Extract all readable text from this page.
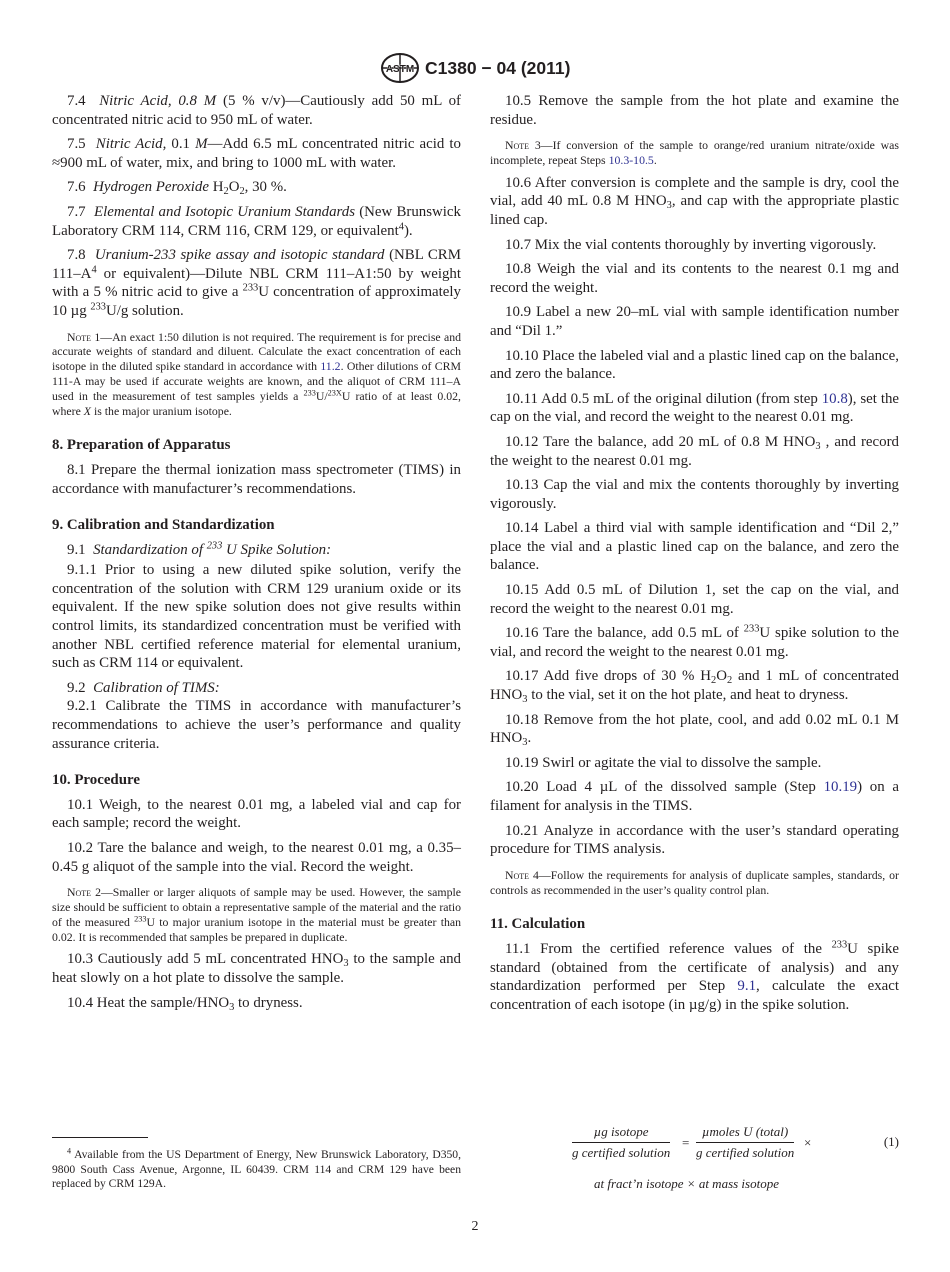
ASTM C1380 − 04 (2011)

7.4 Nitric Acid, 0.8 M (5 % v/v)—Cautiously add 50 mL of concentrated nitric acid to 950 mL of water.

7.5 Nitric Acid, 0.1 M—Add 6.5 mL concentrated nitric acid to ≈900 mL of water, mix, and bring to 1000 mL with water.

7.6 Hydrogen Peroxide $H_2O_2$, 30 %.

7.7 Elemental and Isotopic Uranium Standards (New Brunswick Laboratory CRM 114, CRM 116, CRM 129, or equivalent$^4$).

7.8 Uranium-233 spike assay and isotopic standard (NBL CRM $111-A^4$ or equivalent)—Dilute NBL CRM 111–A1:50 by weight with a 5 % nitric acid to give a $^{233}$U concentration of approximately 10 µg $^{233}$U/g solution.

Note 1—An exact 1:50 dilution is not required. The requirement is for precise and accurate weights of standard and diluent. Calculate the exact concentration of each isotope in the diluted spike standard in accordance with 11.2. Other dilutions of CRM 111-A may be used if accurate weights are known, and the aliquot of CRM 111–A used in the measurement of test samples yields a $^{233}$U/$^{23X}$U ratio of at least 0.02, where X is the major uranium isotope.

8. Preparation of Apparatus

8.1 Prepare the thermal ionization mass spectrometer (TIMS) in accordance with manufacturer’s recommendations.

9. Calibration and Standardization

9.1 Standardization of $^{233}$ U Spike Solution:

9.1.1 Prior to using a new diluted spike solution, verify the concentration of the solution with CRM 129 uranium oxide or its equivalent. If the new spike solution does not give results within control limits, its standardized concentration must be verified with another NBL certified reference material for elemental uranium, such as CRM 114 or equivalent.

9.2 Calibration of TIMS:

9.2.1 Calibrate the TIMS in accordance with manufacturer’s recommendations to achieve the user’s performance and quality assurance criteria.

10. Procedure

10.1 Weigh, to the nearest 0.01 mg, a labeled vial and cap for each sample; record the weight.

10.2 Tare the balance and weigh, to the nearest 0.01 mg, a 0.35–0.45 g aliquot of the sample into the vial. Record the weight.

Note 2—Smaller or larger aliquots of sample may be used. However, the sample size should be sufficient to obtain a representative sample of the material and the ratio of the measured $^{233}$U to major uranium isotope in the material must be greater than 0.02. It is recommended that samples be prepared in duplicate.

10.3 Cautiously add 5 mL concentrated $HNO_3$ to the sample and heat slowly on a hot plate to dissolve the sample.

10.4 Heat the sample/$HNO_3$ to dryness.

$^4$ Available from the US Department of Energy, New Brunswick Laboratory, D350, 9800 South Cass Avenue, Argonne, IL 60439. CRM 114 and CRM 129 have been replaced by CRM 129A.

10.5 Remove the sample from the hot plate and examine the residue.

Note 3—If conversion of the sample to orange/red uranium nitrate/oxide was incomplete, repeat Steps 10.3-10.5.

10.6 After conversion is complete and the sample is dry, cool the vial, add 40 mL 0.8 M $HNO_3$, and cap with the appropriate plastic lined cap.

10.7 Mix the vial contents thoroughly by inverting vigorously.

10.8 Weigh the vial and its contents to the nearest 0.1 mg and record the weight.

10.9 Label a new 20–mL vial with sample identification number and “Dil 1.”

10.10 Place the labeled vial and a plastic lined cap on the balance, and zero the balance.

10.11 Add 0.5 mL of the original dilution (from step 10.8), set the cap on the vial, and record the weight to the nearest 0.01 mg.

10.12 Tare the balance, add 20 mL of 0.8 M $HNO_3$ , and record the weight to the nearest 0.01 mg.

10.13 Cap the vial and mix the contents thoroughly by inverting vigorously.

10.14 Label a third vial with sample identification and “Dil 2,” place the vial and a plastic lined cap on the balance, and zero the balance.

10.15 Add 0.5 mL of Dilution 1, set the cap on the vial, and record the weight to the nearest 0.01 mg.

10.16 Tare the balance, add 0.5 mL of $^{233}$U spike solution to the vial, and record the weight to the nearest 0.01 mg.

10.17 Add five drops of 30 % $H_2O_2$ and 1 mL of concentrated $HNO_3$ to the vial, set it on the hot plate, and heat to dryness.

10.18 Remove from the hot plate, cool, and add 0.02 mL 0.1 M $HNO_3$.

10.19 Swirl or agitate the vial to dissolve the sample.

10.20 Load 4 µL of the dissolved sample (Step 10.19) on a filament for analysis in the TIMS.

10.21 Analyze in accordance with the user’s standard operating procedure for TIMS analysis.

Note 4—Follow the requirements for analysis of duplicate samples, standards, or controls as recommended in the user’s quality control plan.

11. Calculation

11.1 From the certified reference values of the $^{233}$U spike standard (obtained from the certificate of analysis) and any standardization performed per Step 9.1, calculate the exact concentration of each isotope (in µg/g) in the spike solution.

µg isotope
g certified solution
=
µmoles U (total)
g certified solution
×	(1)
at fract’n isotope × at mass isotope
2
